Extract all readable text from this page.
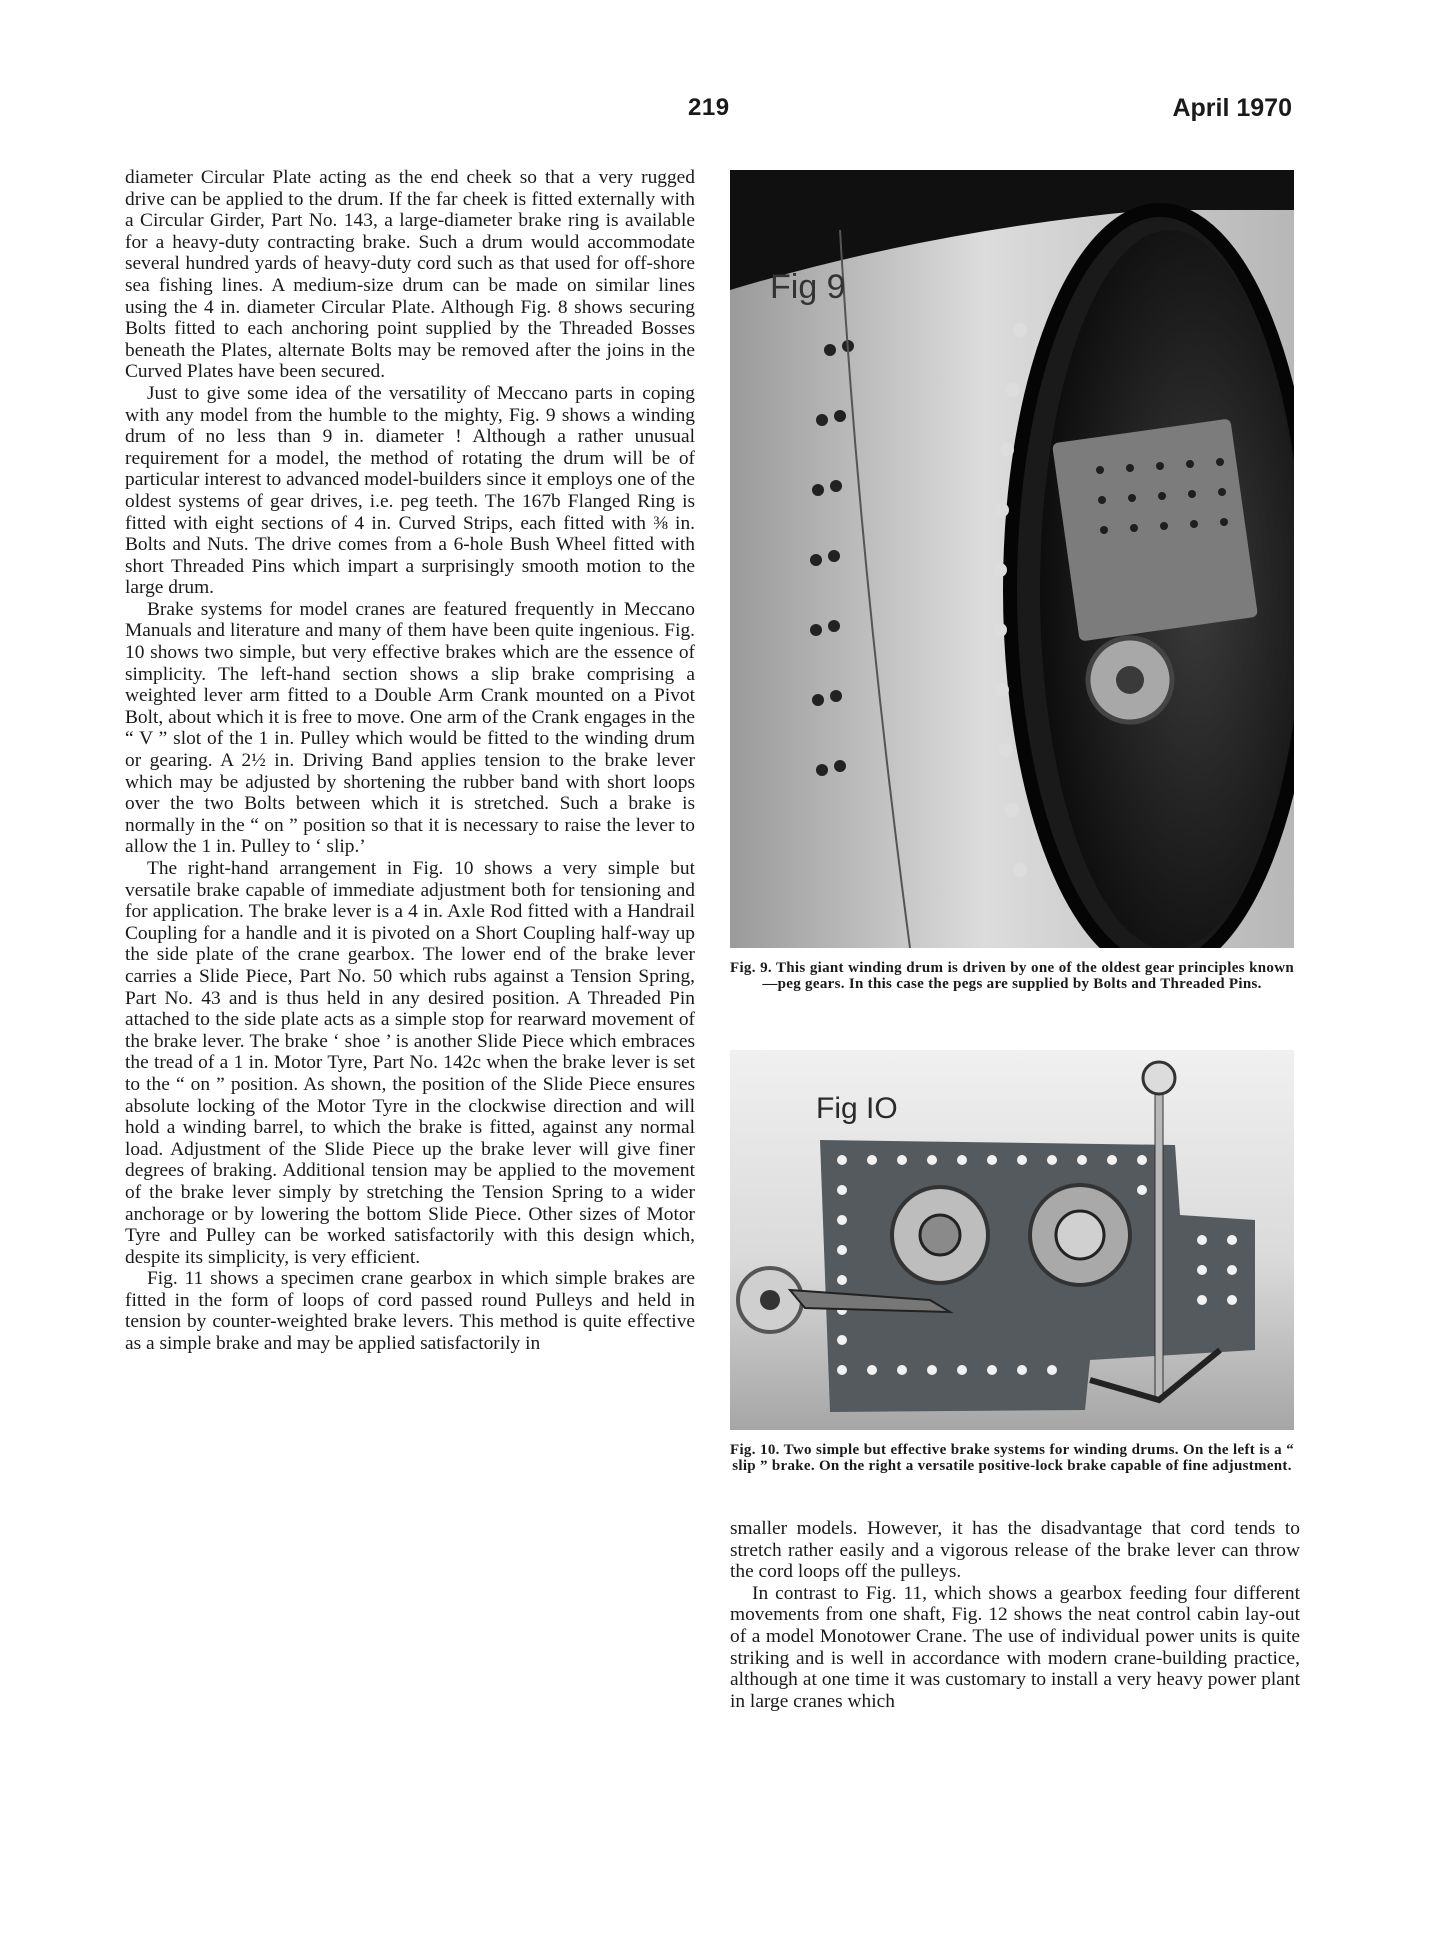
219	April 1970

diameter Circular Plate acting as the end cheek so that a very rugged drive can be applied to the drum. If the far cheek is fitted externally with a Circular Girder, Part No. 143, a large-diameter brake ring is available for a heavy-duty contracting brake. Such a drum would accommodate several hundred yards of heavy-duty cord such as that used for off-shore sea fishing lines. A medium-size drum can be made on similar lines using the 4 in. diameter Circular Plate. Although Fig. 8 shows securing Bolts fitted to each anchoring point supplied by the Threaded Bosses beneath the Plates, alternate Bolts may be removed after the joins in the Curved Plates have been secured.

Just to give some idea of the versatility of Meccano parts in coping with any model from the humble to the mighty, Fig. 9 shows a winding drum of no less than 9 in. diameter ! Although a rather unusual requirement for a model, the method of rotating the drum will be of particular interest to advanced model-builders since it employs one of the oldest systems of gear drives, i.e. peg teeth. The 167b Flanged Ring is fitted with eight sections of 4 in. Curved Strips, each fitted with ⅜ in. Bolts and Nuts. The drive comes from a 6-hole Bush Wheel fitted with short Threaded Pins which impart a surprisingly smooth motion to the large drum.

Brake systems for model cranes are featured frequently in Meccano Manuals and literature and many of them have been quite ingenious. Fig. 10 shows two simple, but very effective brakes which are the essence of simplicity. The left-hand section shows a slip brake comprising a weighted lever arm fitted to a Double Arm Crank mounted on a Pivot Bolt, about which it is free to move. One arm of the Crank engages in the “ V ” slot of the 1 in. Pulley which would be fitted to the winding drum or gearing. A 2½ in. Driving Band applies tension to the brake lever which may be adjusted by shortening the rubber band with short loops over the two Bolts between which it is stretched. Such a brake is normally in the “ on ” position so that it is necessary to raise the lever to allow the 1 in. Pulley to ‘ slip.’

The right-hand arrangement in Fig. 10 shows a very simple but versatile brake capable of immediate adjustment both for tensioning and for application. The brake lever is a 4 in. Axle Rod fitted with a Handrail Coupling for a handle and it is pivoted on a Short Coupling half-way up the side plate of the crane gearbox. The lower end of the brake lever carries a Slide Piece, Part No. 50 which rubs against a Tension Spring, Part No. 43 and is thus held in any desired position. A Threaded Pin attached to the side plate acts as a simple stop for rearward movement of the brake lever. The brake ‘ shoe ’ is another Slide Piece which embraces the tread of a 1 in. Motor Tyre, Part No. 142c when the brake lever is set to the “ on ” position. As shown, the position of the Slide Piece ensures absolute locking of the Motor Tyre in the clockwise direction and will hold a winding barrel, to which the brake is fitted, against any normal load. Adjustment of the Slide Piece up the brake lever will give finer degrees of braking. Additional tension may be applied to the movement of the brake lever simply by stretching the Tension Spring to a wider anchorage or by lowering the bottom Slide Piece. Other sizes of Motor Tyre and Pulley can be worked satisfactorily with this design which, despite its simplicity, is very efficient.

Fig. 11 shows a specimen crane gearbox in which simple brakes are fitted in the form of loops of cord passed round Pulleys and held in tension by counter-weighted brake levers. This method is quite effective as a simple brake and may be applied satisfactorily in

Fig 9
Fig. 9. This giant winding drum is driven by one of the oldest gear principles known—peg gears. In this case the pegs are supplied by Bolts and Threaded Pins.
Fig IO
Fig. 10. Two simple but effective brake systems for winding drums. On the left is a “ slip ” brake. On the right a versatile positive-lock brake capable of fine adjustment.

smaller models. However, it has the disadvantage that cord tends to stretch rather easily and a vigorous release of the brake lever can throw the cord loops off the pulleys.

In contrast to Fig. 11, which shows a gearbox feeding four different movements from one shaft, Fig. 12 shows the neat control cabin lay-out of a model Monotower Crane. The use of individual power units is quite striking and is well in accordance with modern crane-building practice, although at one time it was customary to install a very heavy power plant in large cranes which
